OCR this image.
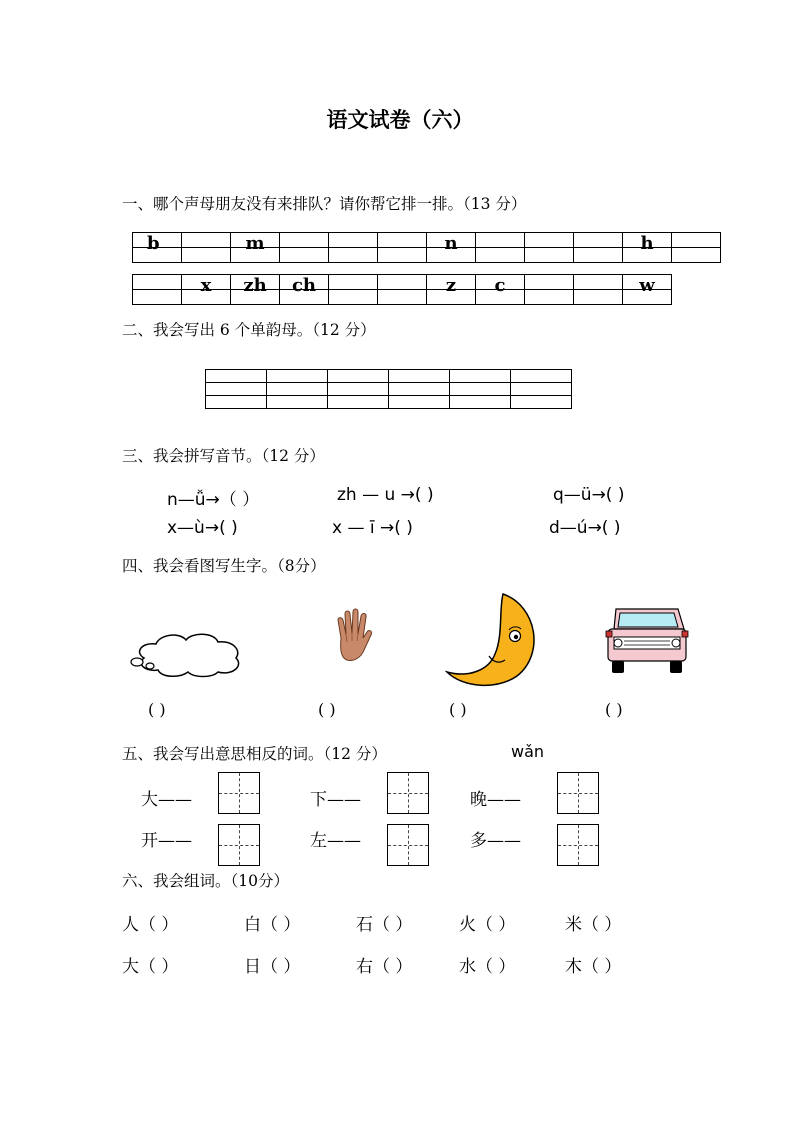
语文试卷（六）
一、哪个声母朋友没有来排队？请你帮它排一排。（13 分）
b		m				n				h	

	x	zh	ch			z	c			w

二、我会写出 6 个单韵母。（12 分）

三、我会拼写音节。（12 分）
n—ǚ→（ ）	zh — u →( )	q—ü→( )
x—ù→( )	x — ī →( )	d—ú→( )
四、我会看图写生字。（8分）
( )	( )	( )	( )
五、我会写出意思相反的词。（12 分）	wǎn
大——	下——	晚——
开——	左——	多——
六、我会组词。（10分）
人（ ）	白（ ）	石（ ）	火（ ）	米（ ）
大（ ）	日（ ）	右（ ）	水（ ）	木（ ）
